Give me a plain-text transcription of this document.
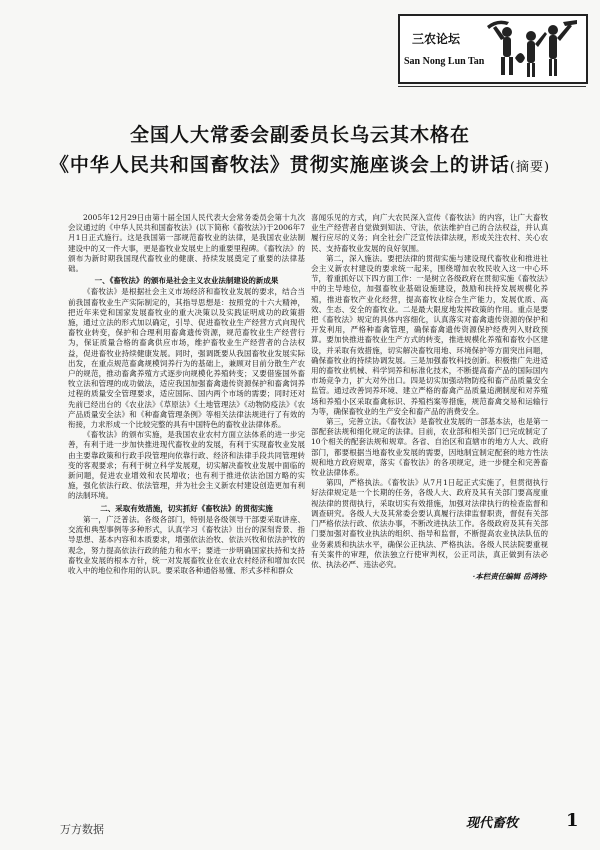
三农论坛
San Nong Lun Tan
全国人大常委会副委员长乌云其木格在
《中华人民共和国畜牧法》贯彻实施座谈会上的讲话(摘要)

2005年12月29日由第十届全国人民代表大会常务委员会第十九次会议通过的《中华人民共和国畜牧法》(以下简称《畜牧法》)于2006年7月1日正式施行。这是我国第一部规范畜牧业的法律，是我国农业法制建设中的又一件大事，更是畜牧业发展史上的重要里程碑。《畜牧法》的颁布为新时期我国现代畜牧业的健康、持续发展奠定了重要的法律基础。

一、《畜牧法》的颁布是社会主义农业法制建设的新成果

《畜牧法》是根据社会主义市场经济和畜牧业发展的要求，结合当前我国畜牧业生产实际制定的，其指导思想是：按照党的十六大精神，把近年来党和国家发展畜牧业的重大决策以及实践证明成功的政策措施，通过立法的形式加以确定，引导、促进畜牧业生产经营方式向现代畜牧业转变，保护和合理利用畜禽遗传资源，规范畜牧业生产经营行为，保证质量合格的畜禽供应市场，维护畜牧业生产经营者的合法权益，促进畜牧业持续健康发展。同时，强调既要从我国畜牧业发展实际出发，在重点规范畜禽规模饲养行为的基础上，兼顾对目前分散生产农户的规范，推动畜禽养殖方式逐步向规模化养殖转变；又要借鉴国外畜牧立法和管理的成功做法，适应我国加强畜禽遗传资源保护和畜禽饲养过程的质量安全管理要求，适应国际、国内两个市场的需要；同时还对先前已经出台的《农业法》《草原法》《土地管理法》《动物防疫法》《农产品质量安全法》和《种畜禽管理条例》等相关法律法规进行了有效的衔接，力求形成一个比较完整的具有中国特色的畜牧业法律体系。

《畜牧法》的颁布实施，是我国农业农村方面立法体系的进一步完善，有利于进一步加快推进现代畜牧业的发展，有利于实现畜牧业发展由主要靠政策和行政手段管理向依靠行政、经济和法律手段共同管理转变的客观要求；有利于树立科学发展观，切实解决畜牧业发展中面临的新问题，促进农业增效和农民增收；也有利于推进依法治国方略的实施，强化依法行政、依法管理，并为社会主义新农村建设创造更加有利的法制环境。

二、采取有效措施，切实抓好《畜牧法》的贯彻实施

第一，广泛普法。各级各部门，特别是各级领导干部要采取讲座、交流和典型事例等多种形式，认真学习《畜牧法》出台的深刻背景、指导思想、基本内容和本质要求，增强依法治牧、依法兴牧和依法护牧的观念，努力提高依法行政的能力和水平；要进一步明确国家扶持和支持畜牧业发展的根本方针，统一对发展畜牧业在农业农村经济和增加农民收入中的地位和作用的认识。要采取各种通俗易懂、形式多样和群众

喜闻乐见的方式，向广大农民深入宣传《畜牧法》的内容，让广大畜牧业生产经营者自觉做到知法、守法，依法维护自己的合法权益，并认真履行应尽的义务；向全社会广泛宣传法律法规，形成关注农村、关心农民、支持畜牧业发展的良好氛围。

第二，深入施法。要把法律的贯彻实施与建设现代畜牧业和推进社会主义新农村建设的要求统一起来，围绕增加农牧民收入这一中心环节，着重抓好以下四方面工作：一是树立各级政府在贯彻实施《畜牧法》中的主导地位，加强畜牧业基础设施建设，鼓励和扶持发展规模化养殖，推进畜牧产业化经营，提高畜牧业综合生产能力，发展优质、高效、生态、安全的畜牧业。二是最大限度地发挥政策的作用。重点是要把《畜牧法》规定的具体内容细化，认真落实对畜禽遗传资源的保护和开发利用，严格种畜禽管理，确保畜禽遗传资源保护经费列入财政预算。要加快推进畜牧业生产方式的转变，推进规模化养殖和畜牧小区建设，并采取有效措施，切实解决畜牧用地、环境保护等方面突出问题，确保畜牧业的持续协调发展。三是加强畜牧科技创新。积极推广先进适用的畜牧业机械、科学饲养和标准化技术，不断提高畜产品的国际国内市场竞争力，扩大对外出口。四是切实加强动物防疫和畜产品质量安全监管。通过改善饲养环境、建立严格的畜禽产品质量追溯制度和对养殖场和养殖小区采取畜禽标识、养殖档案等措施，规范畜禽交易和运输行为等，确保畜牧业的生产安全和畜产品的消费安全。

第三，完善立法。《畜牧法》是畜牧业发展的一部基本法，也是第一部配套法规和细化规定的法律。目前，农业部和相关部门已完成制定了10个相关的配套法规和规章。各省、自治区和直辖市的地方人大、政府部门，都要根据当地畜牧业发展的需要，因地制宜制定配套的地方性法规和地方政府规章，落实《畜牧法》的各项规定，进一步健全和完善畜牧业法律体系。

第四，严格执法。《畜牧法》从7月1日起正式实施了，但贯彻执行好法律规定是一个长期的任务，各级人大、政府及其有关部门要高度重视法律的贯彻执行，采取切实有效措施，加强对法律执行的检查监督和调查研究。各级人大及其常委会要认真履行法律监督职责，督促有关部门严格依法行政、依法办事，不断改进执法工作。各级政府及其有关部门要加强对畜牧业执法的组织、指导和监督，不断提高农业执法队伍的业务素质和执法水平，确保公正执法、严格执法。各级人民法院要重视有关案件的审理，依法独立行使审判权，公正司法，真正做到有法必依、执法必严、违法必究。

·本栏责任编辑 岳鸿钧·

万方数据	现代畜牧	1
